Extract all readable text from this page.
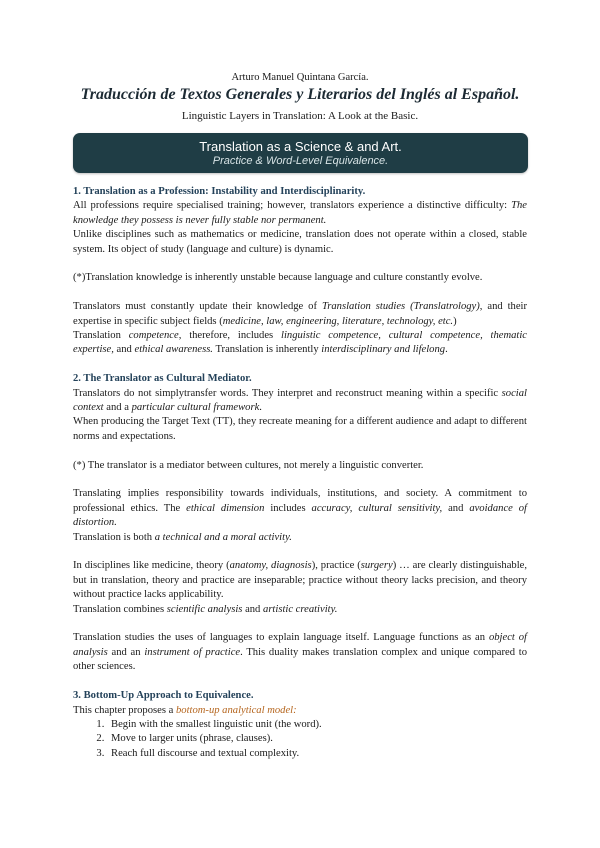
Arturo Manuel Quintana García.
Traducción de Textos Generales y Literarios del Inglés al Español.
Linguistic Layers in Translation: A Look at the Basic.
Translation as a Science & and Art.
Practice & Word-Level Equivalence.

1. Translation as a Profession: Instability and Interdisciplinarity.

All professions require specialised training; however, translators experience a distinctive difficulty: The knowledge they possess is never fully stable nor permanent.

Unlike disciplines such as mathematics or medicine, translation does not operate within a closed, stable system. Its object of study (language and culture) is dynamic.

(*)Translation knowledge is inherently unstable because language and culture constantly evolve.

Translators must constantly update their knowledge of Translation studies (Translatrology), and their expertise in specific subject fields (medicine, law, engineering, literature, technology, etc.)

Translation competence, therefore, includes linguistic competence, cultural competence, thematic expertise, and ethical awareness. Translation is inherently interdisciplinary and lifelong.

2. The Translator as Cultural Mediator.

Translators do not simplytransfer words. They interpret and reconstruct meaning within a specific social context and a particular cultural framework.

When producing the Target Text (TT), they recreate meaning for a different audience and adapt to different norms and expectations.

(*) The translator is a mediator between cultures, not merely a linguistic converter.

Translating implies responsibility towards individuals, institutions, and society. A commitment to professional ethics. The ethical dimension includes accuracy, cultural sensitivity, and avoidance of distortion.

Translation is both a technical and a moral activity.

In disciplines like medicine, theory (anatomy, diagnosis), practice (surgery) … are clearly distinguishable, but in translation, theory and practice are inseparable; practice without theory lacks precision, and theory without practice lacks applicability.

Translation combines scientific analysis and artistic creativity.

Translation studies the uses of languages to explain language itself. Language functions as an object of analysis and an instrument of practice. This duality makes translation complex and unique compared to other sciences.

3. Bottom-Up Approach to Equivalence.

This chapter proposes a bottom-up analytical model:

1. Begin with the smallest linguistic unit (the word).
2. Move to larger units (phrase, clauses).
3. Reach full discourse and textual complexity.
